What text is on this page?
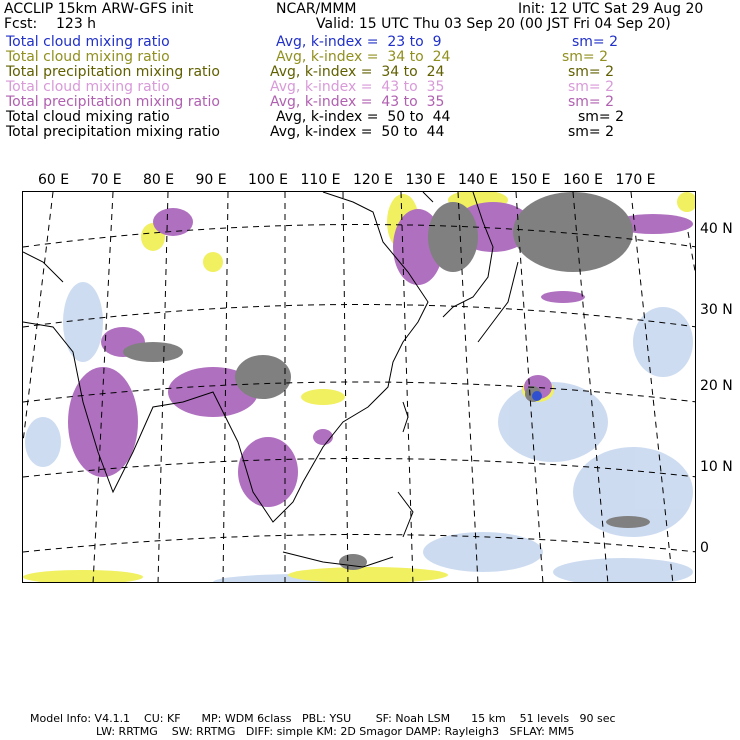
ACCLIP 15km ARW-GFS init	NCAR/MMM	Init: 12 UTC Sat 29 Aug 20
Fcst: 123 h	Valid: 15 UTC Thu 03 Sep 20 (00 JST Fri 04 Sep 20)
Total cloud mixing ratio	Avg, k-index =  23 to  9	sm= 2
Total cloud mixing ratio	Avg, k-index =  34 to  24	sm= 2
Total precipitation mixing ratio	Avg, k-index =  34 to  24	sm= 2
Total cloud mixing ratio	Avg, k-index =  43 to  35	sm= 2
Total precipitation mixing ratio	Avg, k-index =  43 to  35	sm= 2
Total cloud mixing ratio	Avg, k-index =  50 to  44	sm= 2
Total precipitation mixing ratio	Avg, k-index =  50 to  44	sm= 2
60 E 70 E 80 E 90 E 100 E 110 E 120 E 130 E 140 E 150 E 160 E 170 E
40 N
30 N
20 N
10 N
0
Model Info: V4.1.1    CU: KF      MP: WDM 6class   PBL: YSU       SF: Noah LSM      15 km    51 levels   90 sec
LW: RRTMG    SW: RRTMG   DIFF: simple KM: 2D Smagor DAMP: Rayleigh3   SFLAY: MM5
